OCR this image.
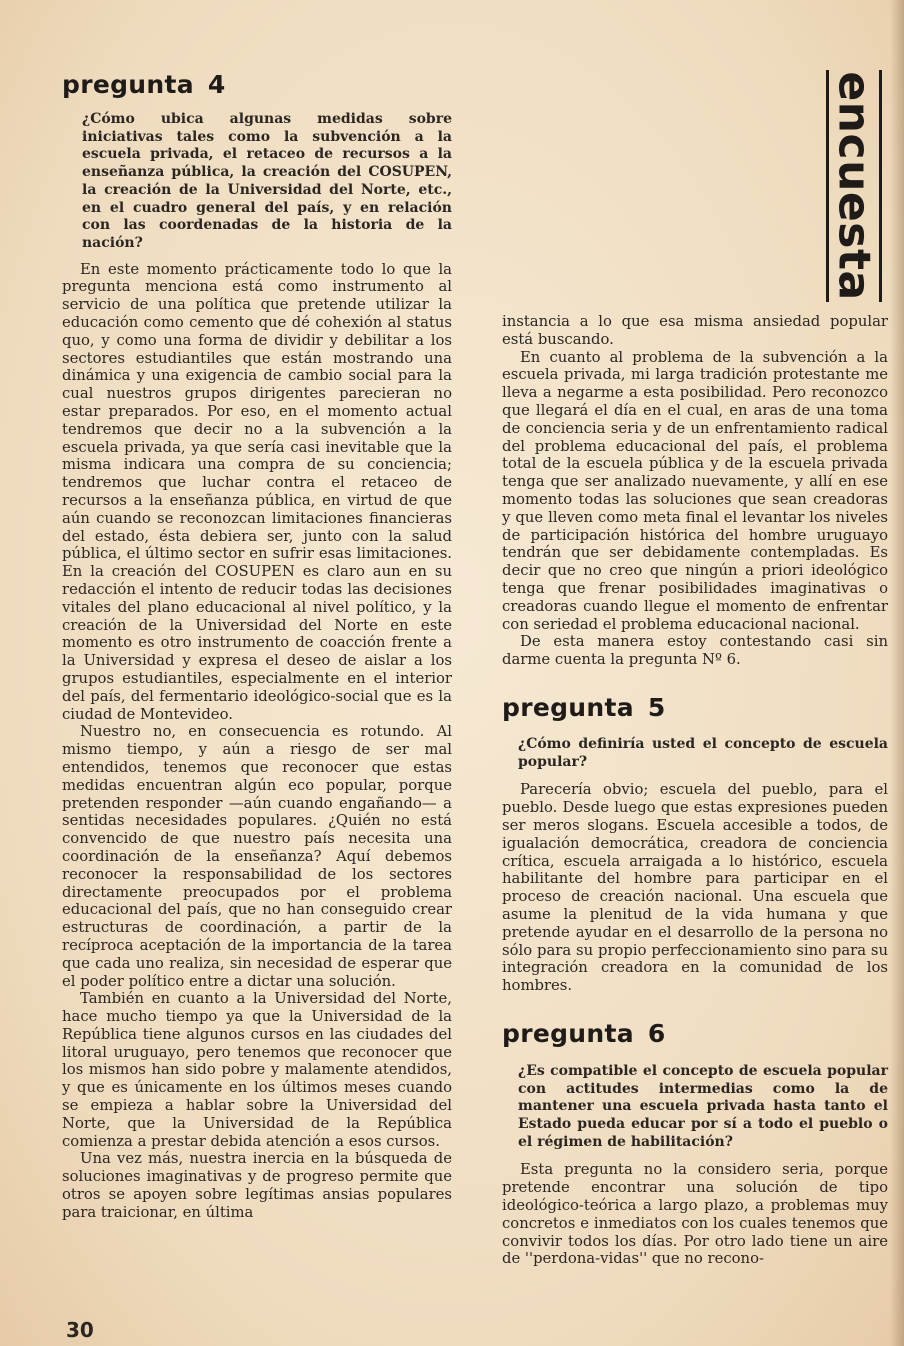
pregunta 4

¿Cómo ubica algunas medidas sobre iniciativas tales como la subvención a la escuela privada, el retaceo de recursos a la enseñanza pública, la creación del COSUPEN, la creación de la Universidad del Norte, etc., en el cuadro general del país, y en relación con las coordenadas de la historia de la nación?

En este momento prácticamente todo lo que la pregunta menciona está como instrumento al servicio de una política que pretende utilizar la educación como cemento que dé cohexión al status quo, y como una forma de dividir y debilitar a los sectores estudiantiles que están mostrando una dinámica y una exigencia de cambio social para la cual nuestros grupos dirigentes parecieran no estar preparados. Por eso, en el momento actual tendremos que decir no a la subvención a la escuela privada, ya que sería casi inevitable que la misma indicara una compra de su conciencia; tendremos que luchar contra el retaceo de recursos a la enseñanza pública, en virtud de que aún cuando se reconozcan limitaciones financieras del estado, ésta debiera ser, junto con la salud pública, el último sector en sufrir esas limitaciones. En la creación del COSUPEN es claro aun en su redacción el intento de reducir todas las decisiones vitales del plano educacional al nivel político, y la creación de la Universidad del Norte en este momento es otro instrumento de coacción frente a la Universidad y expresa el deseo de aislar a los grupos estudiantiles, especialmente en el interior del país, del fermentario ideológico-social que es la ciudad de Montevideo.

Nuestro no, en consecuencia es rotundo. Al mismo tiempo, y aún a riesgo de ser mal entendidos, tenemos que reconocer que estas medidas encuentran algún eco popular, porque pretenden responder —aún cuando engañando— a sentidas necesidades populares. ¿Quién no está convencido de que nuestro país necesita una coordinación de la enseñanza? Aquí debemos reconocer la responsabilidad de los sectores directamente preocupados por el problema educacional del país, que no han conseguido crear estructuras de coordinación, a partir de la recíproca aceptación de la importancia de la tarea que cada uno realiza, sin necesidad de esperar que el poder político entre a dictar una solución.

También en cuanto a la Universidad del Norte, hace mucho tiempo ya que la Universidad de la República tiene algunos cursos en las ciudades del litoral uruguayo, pero tenemos que reconocer que los mismos han sido pobre y malamente atendidos, y que es únicamente en los últimos meses cuando se empieza a hablar sobre la Universidad del Norte, que la Universidad de la República comienza a prestar debida atención a esos cursos.

Una vez más, nuestra inercia en la búsqueda de soluciones imaginativas y de progreso permite que otros se apoyen sobre legítimas ansias populares para traicionar, en última

encuesta

instancia a lo que esa misma ansiedad popular está buscando.

En cuanto al problema de la subvención a la escuela privada, mi larga tradición protestante me lleva a negarme a esta posibilidad. Pero reconozco que llegará el día en el cual, en aras de una toma de conciencia seria y de un enfrentamiento radical del problema educacional del país, el problema total de la escuela pública y de la escuela privada tenga que ser analizado nuevamente, y allí en ese momento todas las soluciones que sean creadoras y que lleven como meta final el levantar los niveles de participación histórica del hombre uruguayo tendrán que ser debidamente contempladas. Es decir que no creo que ningún a priori ideológico tenga que frenar posibilidades imaginativas o creadoras cuando llegue el momento de enfrentar con seriedad el problema educacional nacional.

De esta manera estoy contestando casi sin darme cuenta la pregunta Nº 6.

pregunta 5

¿Cómo definiría usted el concepto de escuela popular?

Parecería obvio; escuela del pueblo, para el pueblo. Desde luego que estas expresiones pueden ser meros slogans. Escuela accesible a todos, de igualación democrática, creadora de conciencia crítica, escuela arraigada a lo histórico, escuela habilitante del hombre para participar en el proceso de creación nacional. Una escuela que asume la plenitud de la vida humana y que pretende ayudar en el desarrollo de la persona no sólo para su propio perfeccionamiento sino para su integración creadora en la comunidad de los hombres.

pregunta 6

¿Es compatible el concepto de escuela popular con actitudes intermedias como la de mantener una escuela privada hasta tanto el Estado pueda educar por sí a todo el pueblo o el régimen de habilitación?

Esta pregunta no la considero seria, porque pretende encontrar una solución de tipo ideológico-teórica a largo plazo, a problemas muy concretos e inmediatos con los cuales tenemos que convivir todos los días. Por otro lado tiene un aire de ''perdona-vidas'' que no recono-

30
